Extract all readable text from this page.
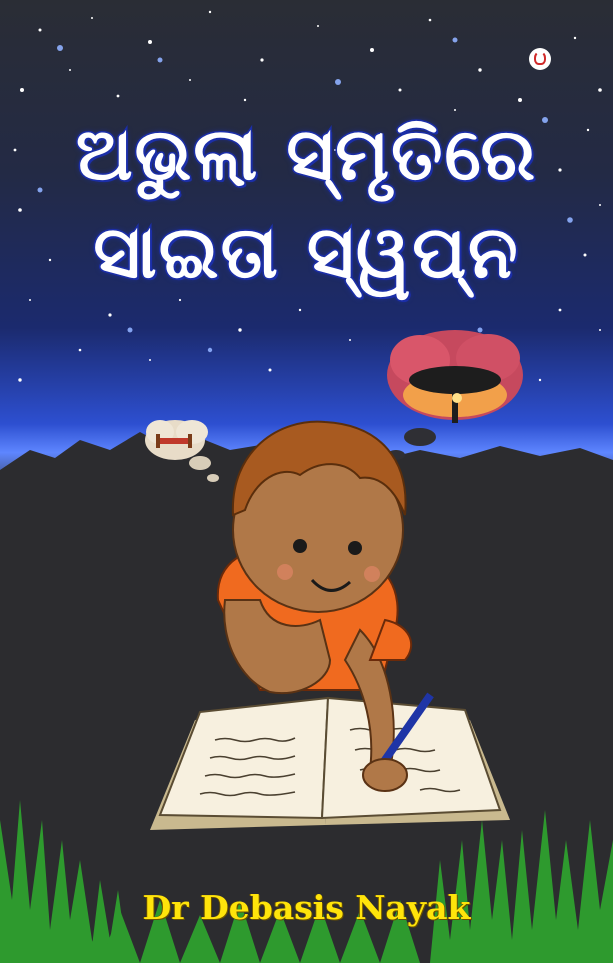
ଅଭୁଲା ସ୍ମୃତିରେ
ସାଇତା ସ୍ୱପ୍ନ
Dr Debasis Nayak
